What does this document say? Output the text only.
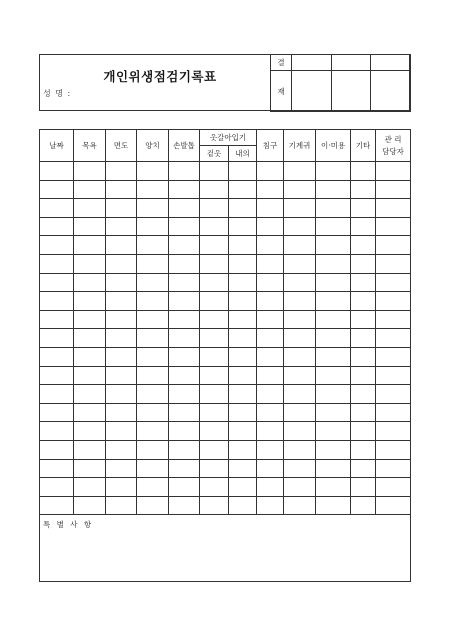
개인위생점검기록표
성 명 :
결			
재			
날짜	목욕	면도	양치	손발톱	옷갈아입기		침구	기계귀	이·미용	기타	관 리
담당자
					겉옷	내의					

특 별 사 항											
